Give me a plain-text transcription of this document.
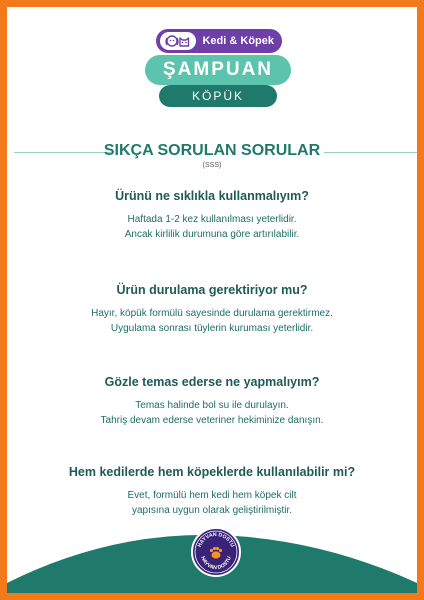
Kedi & Köpek
ŞAMPUAN
KÖPÜK
SIKÇA SORULAN SORULAR
(SSS)

Ürünü ne sıklıkla kullanmalıyım?

Haftada 1-2 kez kullanılması yeterlidir.
Ancak kirlilik durumuna göre artırılabilir.

Ürün durulama gerektiriyor mu?

Hayır, köpük formülü sayesinde durulama gerektirmez.
Uygulama sonrası tüylerin kuruması yeterlidir.

Gözle temas ederse ne yapmalıyım?

Temas halinde bol su ile durulayın.
Tahriş devam ederse veteriner hekiminize danışın.

Hem kedilerde hem köpeklerde kullanılabilir mi?

Evet, formülü hem kedi hem köpek cilt
yapısına uygun olarak geliştirilmiştir.

HAYVAN DOSTU
HAYVAN DOSTU
